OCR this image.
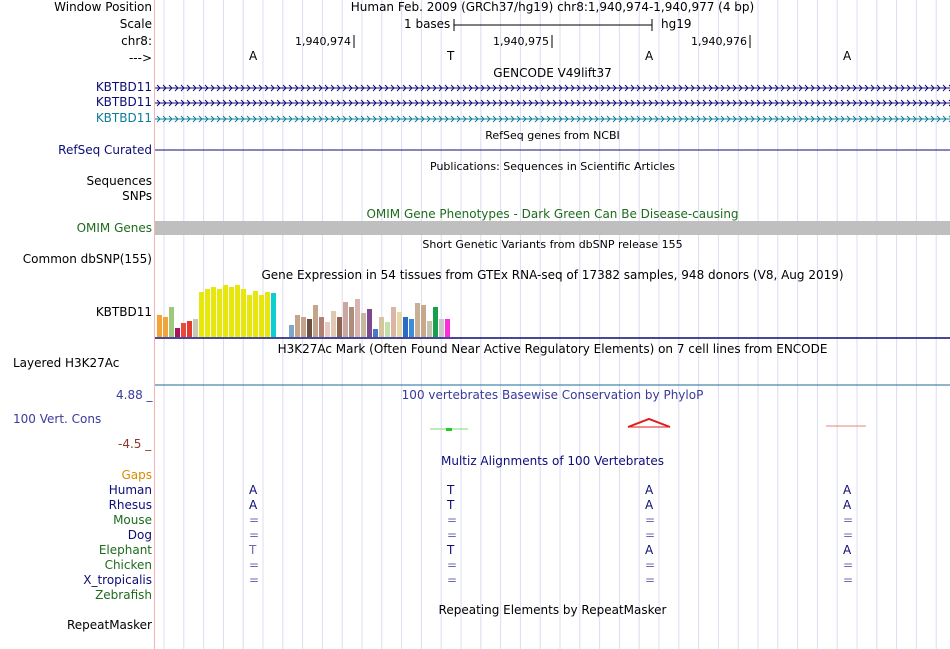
Window Position	Human Feb. 2009 (GRCh37/hg19) chr8:1,940,974-1,940,977 (4 bp)
Scale	1 bases	hg19
chr8:	1,940,974	1,940,975	1,940,976
--->	A	T	A	A
GENCODE V49lift37
KBTBD11
KBTBD11
KBTBD11
RefSeq genes from NCBI
RefSeq Curated
Publications: Sequences in Scientific Articles
Sequences
SNPs
OMIM Gene Phenotypes - Dark Green Can Be Disease-causing
OMIM Genes
Short Genetic Variants from dbSNP release 155
Common dbSNP(155)
Gene Expression in 54 tissues from GTEx RNA-seq of 17382 samples, 948 donors (V8, Aug 2019)
KBTBD11
H3K27Ac Mark (Often Found Near Active Regulatory Elements) on 7 cell lines from ENCODE
Layered H3K27Ac
100 vertebrates Basewise Conservation by PhyloP
4.88 _
100 Vert. Cons
-4.5 _
Multiz Alignments of 100 Vertebrates
Gaps
Human	A	T	A	A
Rhesus	A	T	A	A
Mouse	=	=	=	=
Dog	=	=	=	=
Elephant	T	T	A	A
Chicken	=	=	=	=
X_tropicalis	=	=	=	=
Zebrafish
Repeating Elements by RepeatMasker
RepeatMasker
